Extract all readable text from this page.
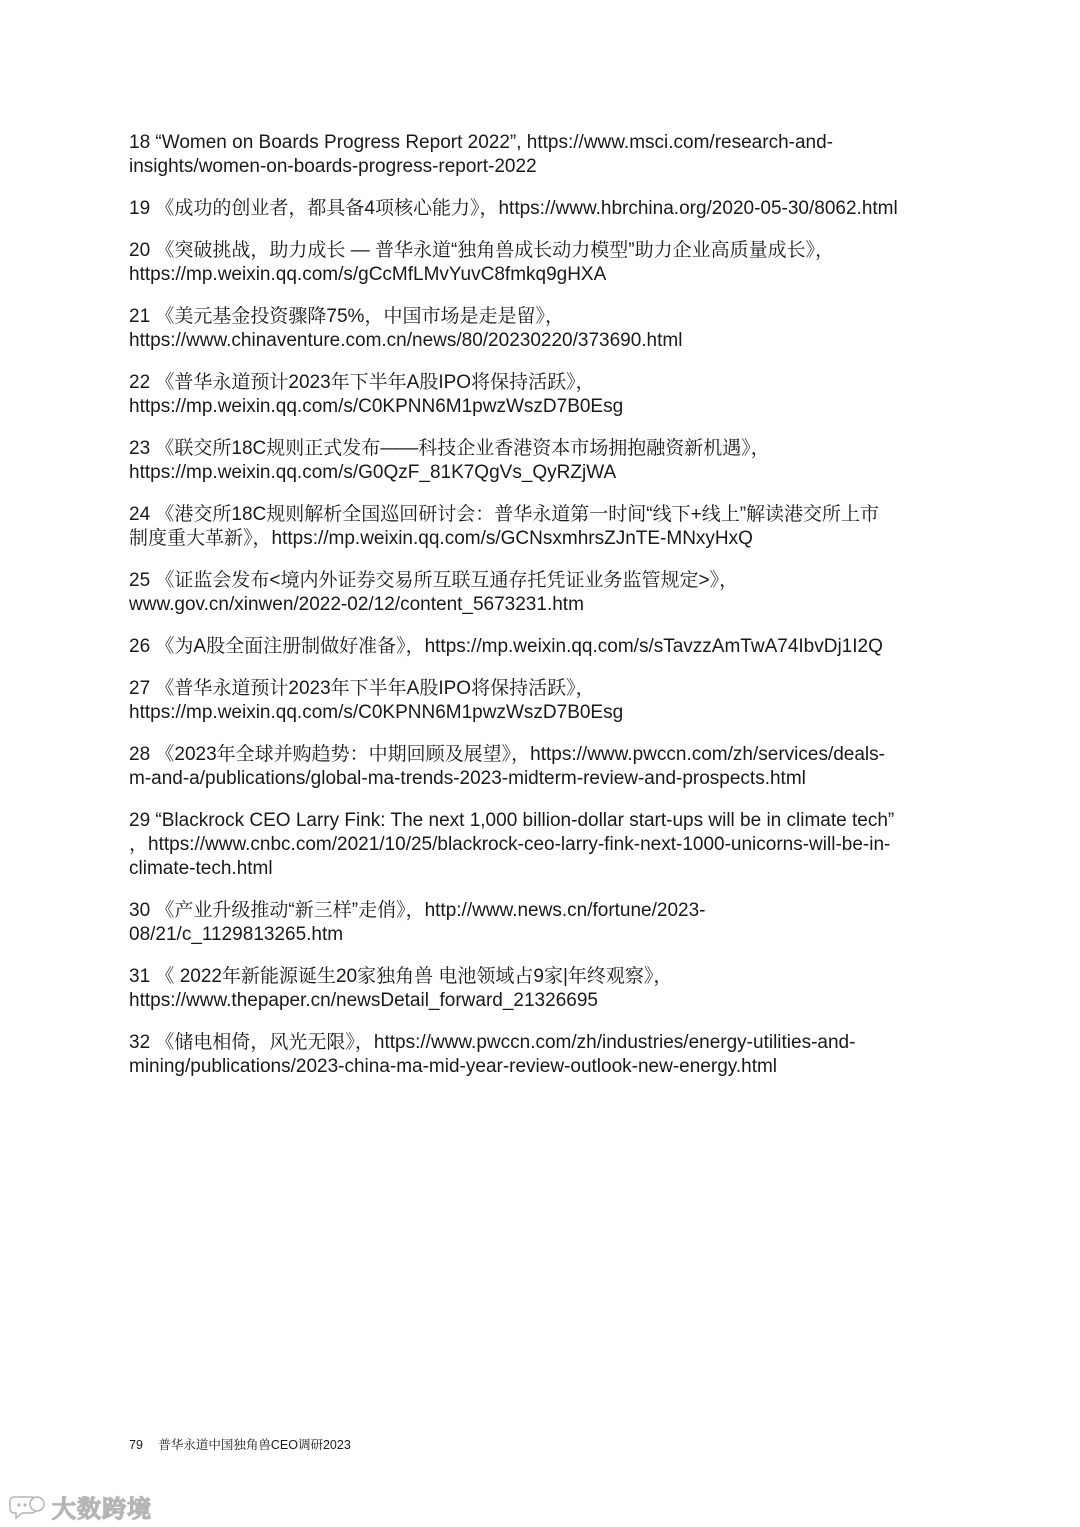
18 “Women on Boards Progress Report 2022”, https://www.msci.com/research-and-
insights/women-on-boards-progress-report-2022
19 《成功的创业者，都具备4项核心能力》，https://www.hbrchina.org/2020-05-30/8062.html
20 《突破挑战，助力成长 — 普华永道“独角兽成长动力模型”助力企业高质量成长》，
https://mp.weixin.qq.com/s/gCcMfLMvYuvC8fmkq9gHXA
21 《美元基金投资骤降75%，中国市场是走是留》，
https://www.chinaventure.com.cn/news/80/20230220/373690.html
22 《普华永道预计2023年下半年A股IPO将保持活跃》，
https://mp.weixin.qq.com/s/C0KPNN6M1pwzWszD7B0Esg
23 《联交所18C规则正式发布——科技企业香港资本市场拥抱融资新机遇》，
https://mp.weixin.qq.com/s/G0QzF_81K7QgVs_QyRZjWA
24 《港交所18C规则解析全国巡回研讨会：普华永道第一时间“线下+线上”解读港交所上市
制度重大革新》，https://mp.weixin.qq.com/s/GCNsxmhrsZJnTE-MNxyHxQ
25 《证监会发布<境内外证券交易所互联互通存托凭证业务监管规定>》，
www.gov.cn/xinwen/2022-02/12/content_5673231.htm
26 《为A股全面注册制做好准备》，https://mp.weixin.qq.com/s/sTavzzAmTwA74IbvDj1I2Q
27 《普华永道预计2023年下半年A股IPO将保持活跃》，
https://mp.weixin.qq.com/s/C0KPNN6M1pwzWszD7B0Esg
28 《2023年全球并购趋势：中期回顾及展望》，https://www.pwccn.com/zh/services/deals-
m-and-a/publications/global-ma-trends-2023-midterm-review-and-prospects.html
29 “Blackrock CEO Larry Fink: The next 1,000 billion-dollar start-ups will be in climate tech”
，https://www.cnbc.com/2021/10/25/blackrock-ceo-larry-fink-next-1000-unicorns-will-be-in-
climate-tech.html
30 《产业升级推动“新三样”走俏》，http://www.news.cn/fortune/2023-
08/21/c_1129813265.htm
31 《 2022年新能源诞生20家独角兽 电池领域占9家|年终观察》，
https://www.thepaper.cn/newsDetail_forward_21326695
32 《储电相倚，风光无限》，https://www.pwccn.com/zh/industries/energy-utilities-and-
mining/publications/2023-china-ma-mid-year-review-outlook-new-energy.html
79 普华永道中国独角兽CEO调研2023
大数跨境
